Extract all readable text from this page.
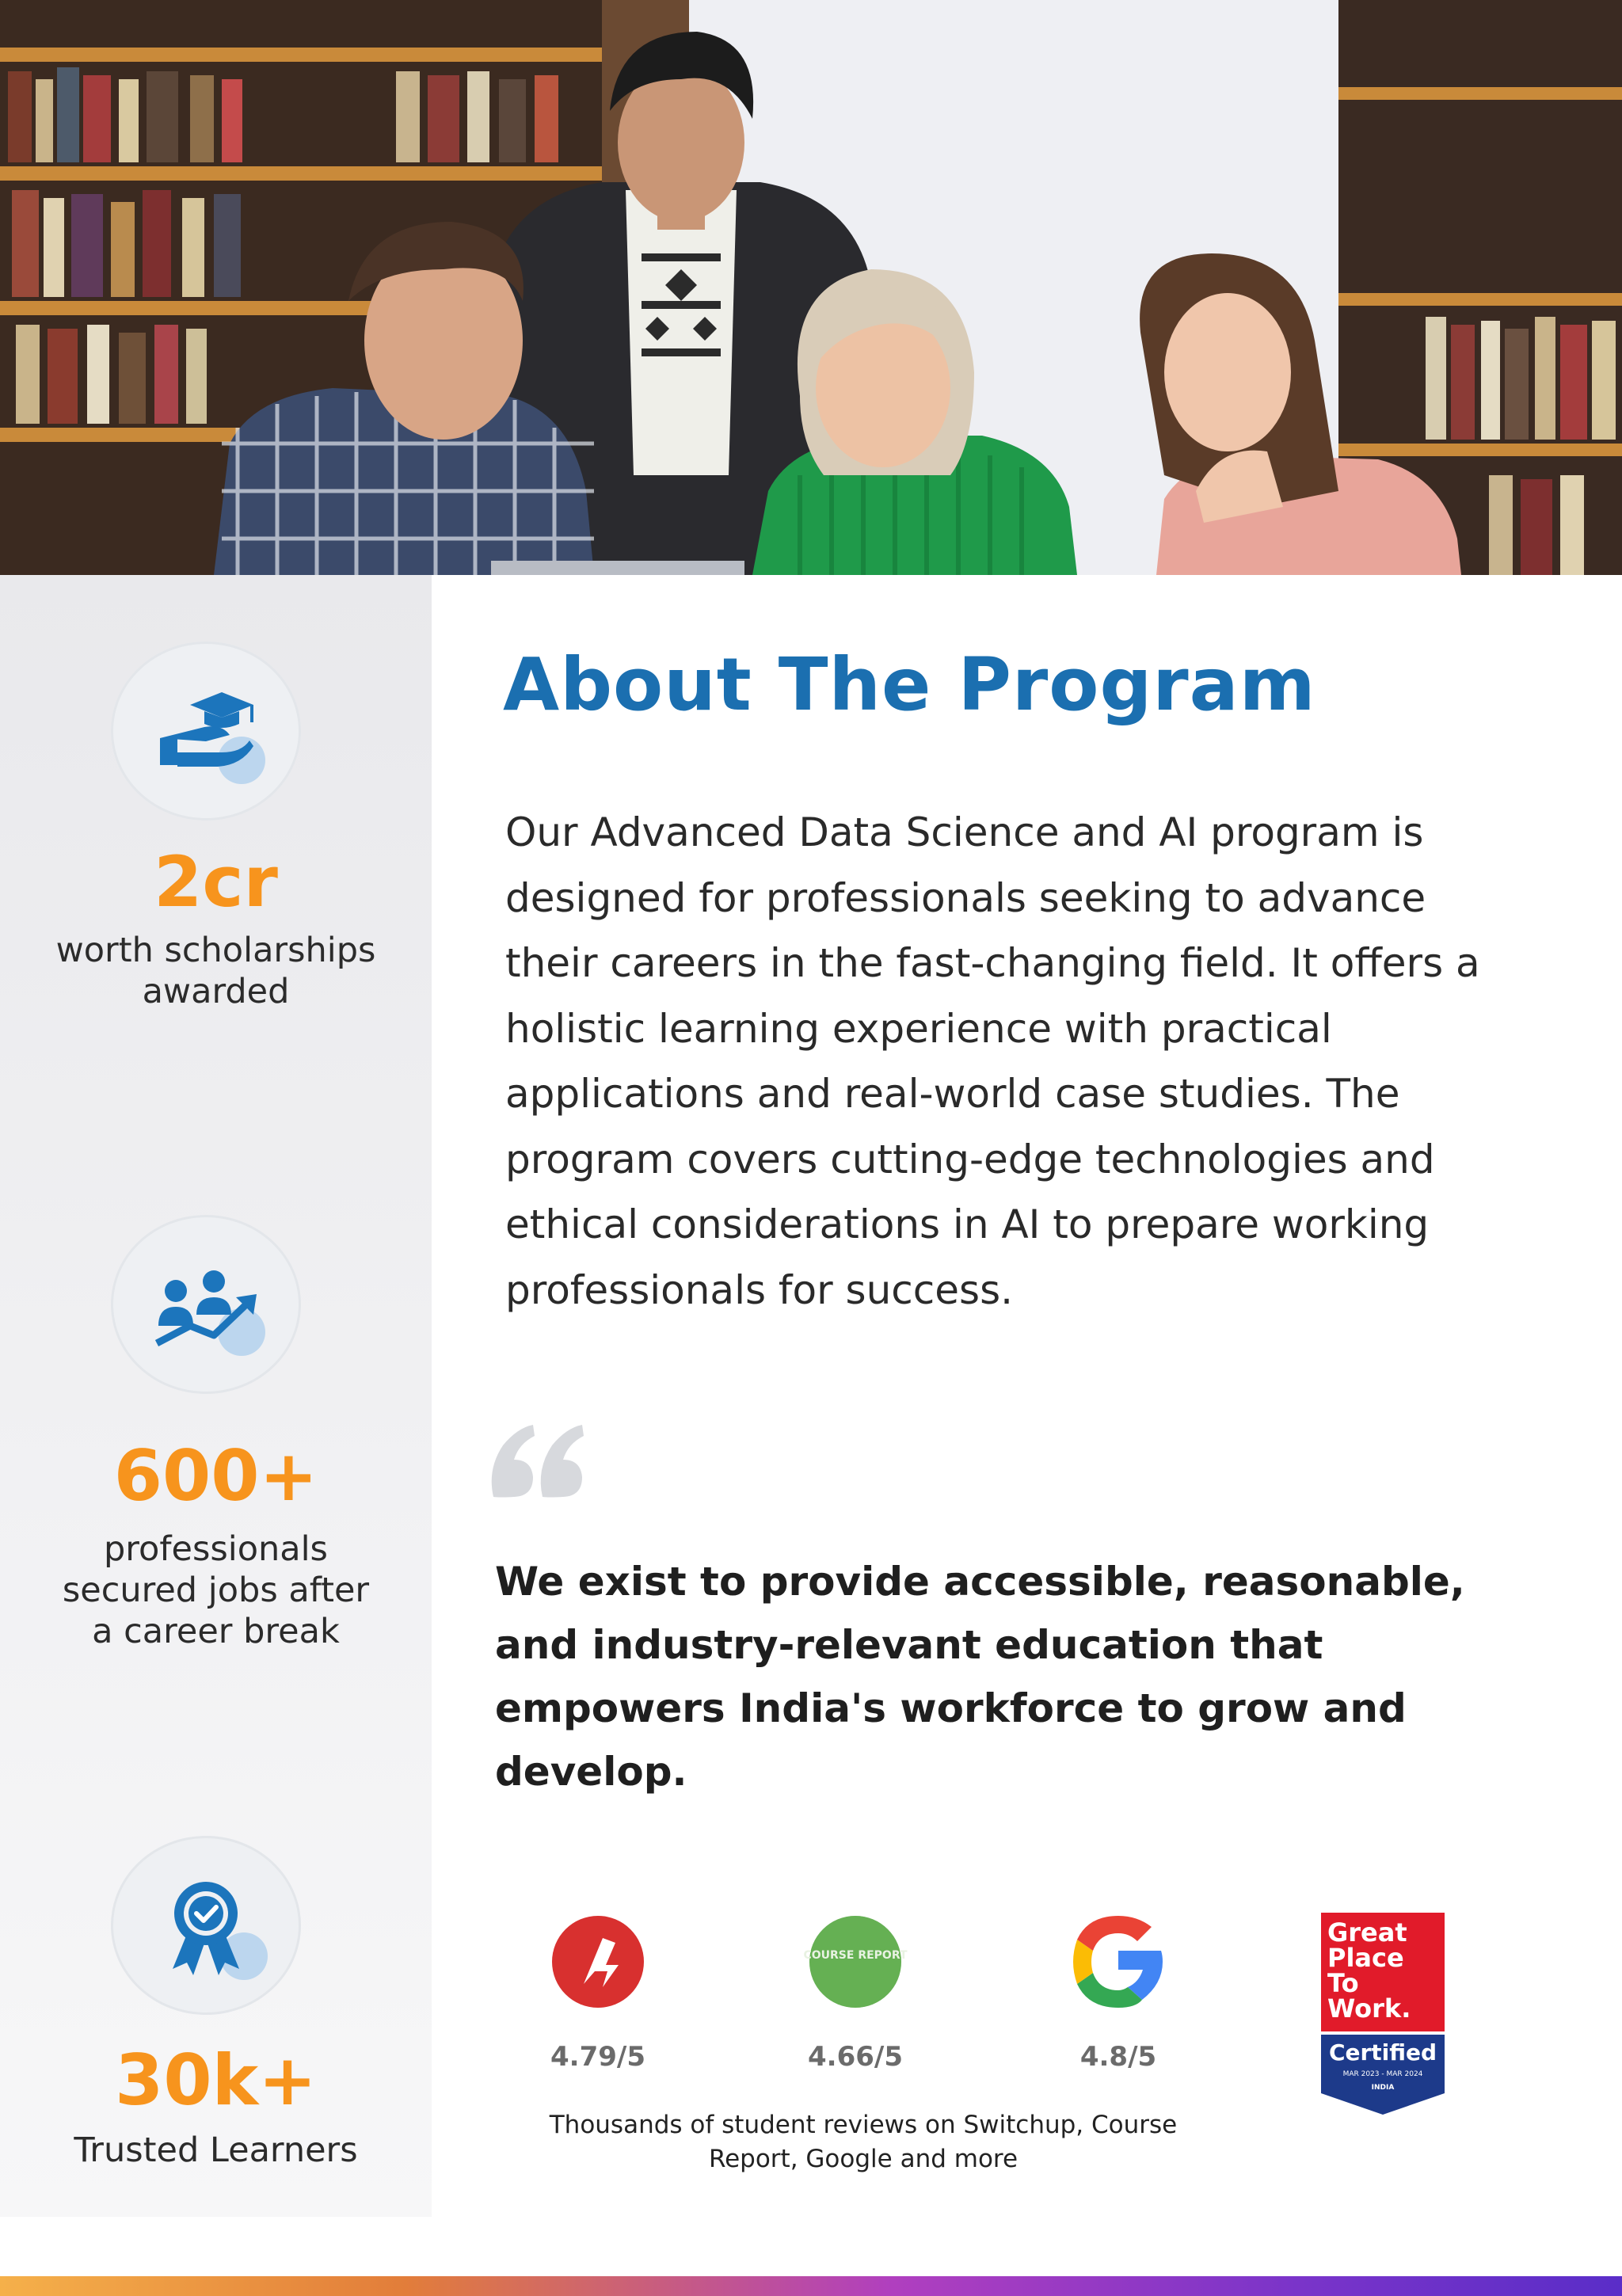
2cr
worth scholarships awarded
600+
professionals secured jobs after a career break
30k+
Trusted Learners
About The Program

Our Advanced Data Science and AI program is designed for professionals seeking to advance their careers in the fast-changing field. It offers a holistic learning experience with practical applications and real-world case studies. The program covers cutting-edge technologies and ethical considerations in AI to prepare working professionals for success.

We exist to provide accessible, reasonable, and industry-relevant education that empowers India's workforce to grow and develop.

4.79/5
COURSE REPORT
4.66/5	4.8/5
Great
Place
To
Work.
Certified
MAR 2023 - MAR 2024
INDIA

Thousands of student reviews on Switchup, Course Report, Google and more
